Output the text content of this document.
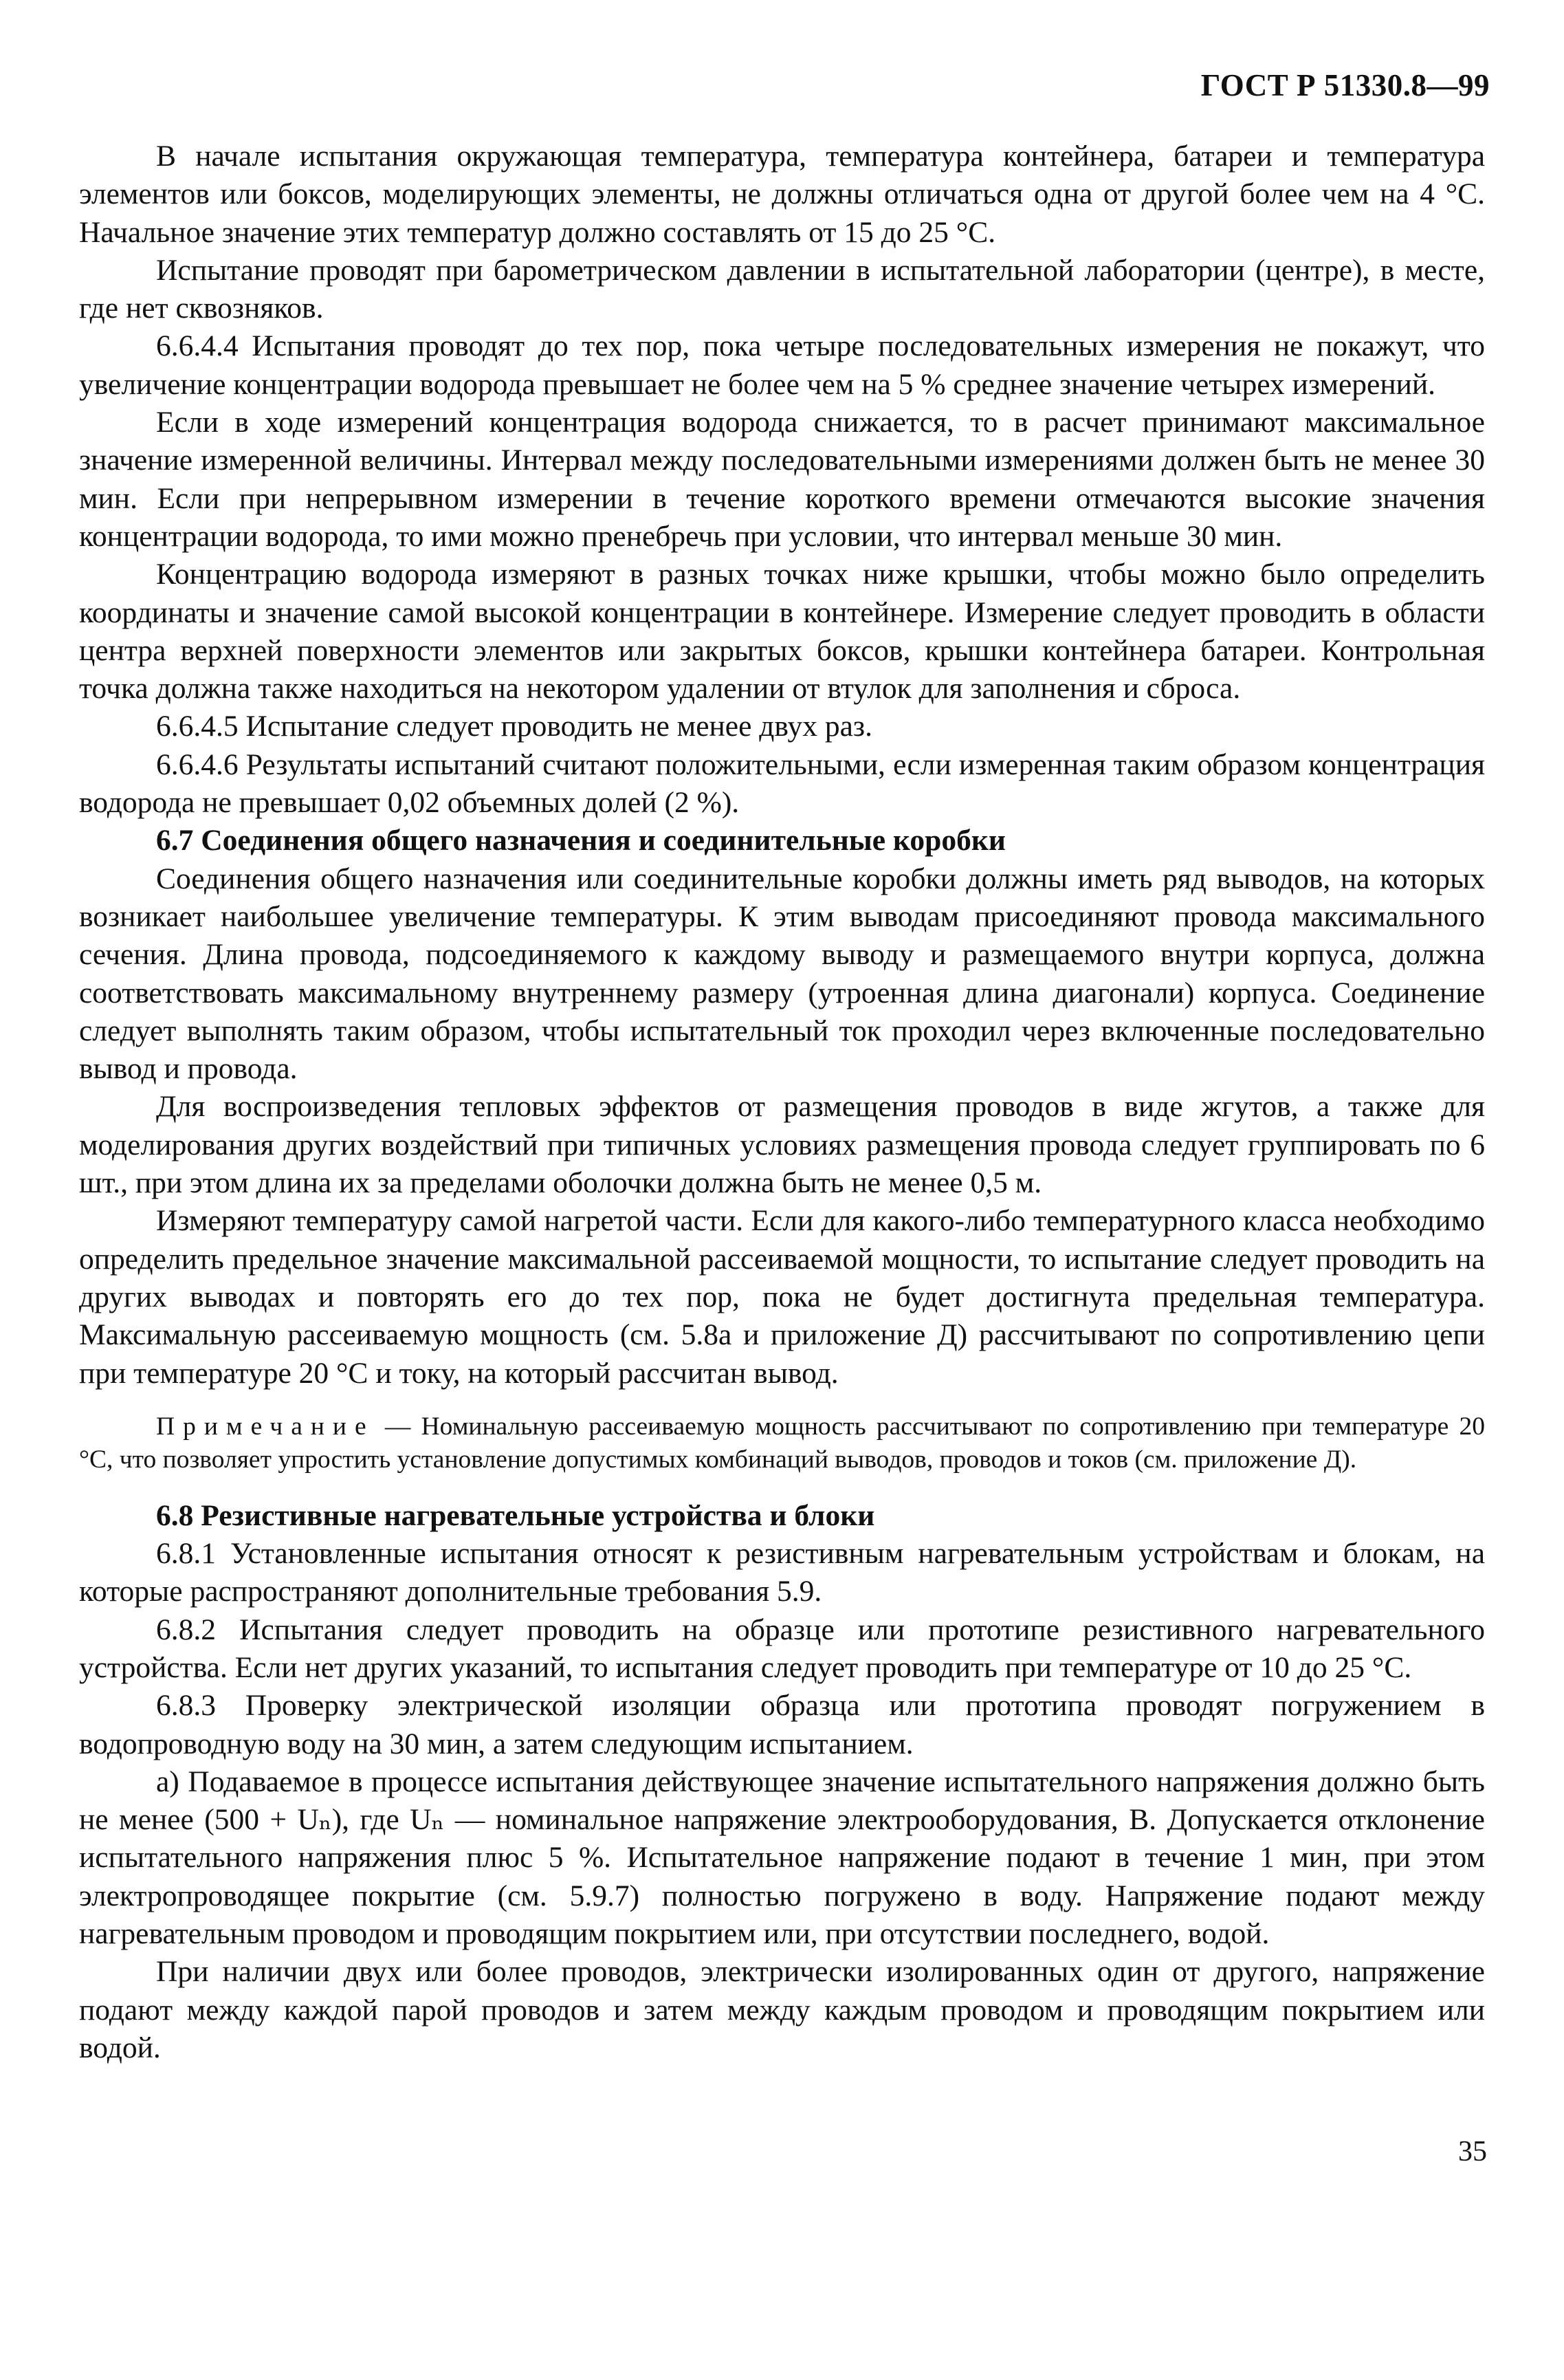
ГОСТ Р 51330.8—99

В начале испытания окружающая температура, температура контейнера, батареи и температура элементов или боксов, моделирующих элементы, не должны отличаться одна от другой более чем на 4 °С. Начальное значение этих температур должно составлять от 15 до 25 °С.

Испытание проводят при барометрическом давлении в испытательной лаборатории (центре), в месте, где нет сквозняков.

6.6.4.4 Испытания проводят до тех пор, пока четыре последовательных измерения не покажут, что увеличение концентрации водорода превышает не более чем на 5 % среднее значение четырех измерений.

Если в ходе измерений концентрация водорода снижается, то в расчет принимают максимальное значение измеренной величины. Интервал между последовательными измерениями должен быть не менее 30 мин. Если при непрерывном измерении в течение короткого времени отмечаются высокие значения концентрации водорода, то ими можно пренебречь при условии, что интервал меньше 30 мин.

Концентрацию водорода измеряют в разных точках ниже крышки, чтобы можно было определить координаты и значение самой высокой концентрации в контейнере. Измерение следует проводить в области центра верхней поверхности элементов или закрытых боксов, крышки контейнера батареи. Контрольная точка должна также находиться на некотором удалении от втулок для заполнения и сброса.

6.6.4.5 Испытание следует проводить не менее двух раз.

6.6.4.6 Результаты испытаний считают положительными, если измеренная таким образом концентрация водорода не превышает 0,02 объемных долей (2 %).

6.7 Соединения общего назначения и соединительные коробки

Соединения общего назначения или соединительные коробки должны иметь ряд выводов, на которых возникает наибольшее увеличение температуры. К этим выводам присоединяют провода максимального сечения. Длина провода, подсоединяемого к каждому выводу и размещаемого внутри корпуса, должна соответствовать максимальному внутреннему размеру (утроенная длина диагонали) корпуса. Соединение следует выполнять таким образом, чтобы испытательный ток проходил через включенные последовательно вывод и провода.

Для воспроизведения тепловых эффектов от размещения проводов в виде жгутов, а также для моделирования других воздействий при типичных условиях размещения провода следует группировать по 6 шт., при этом длина их за пределами оболочки должна быть не менее 0,5 м.

Измеряют температуру самой нагретой части. Если для какого-либо температурного класса необходимо определить предельное значение максимальной рассеиваемой мощности, то испытание следует проводить на других выводах и повторять его до тех пор, пока не будет достигнута предельная температура. Максимальную рассеиваемую мощность (см. 5.8а и приложение Д) рассчитывают по сопротивлению цепи при температуре 20 °С и току, на который рассчитан вывод.

Примечание — Номинальную рассеиваемую мощность рассчитывают по сопротивлению при температуре 20 °С, что позволяет упростить установление допустимых комбинаций выводов, проводов и токов (см. приложение Д).
6.8 Резистивные нагревательные устройства и блоки

6.8.1 Установленные испытания относят к резистивным нагревательным устройствам и блокам, на которые распространяют дополнительные требования 5.9.

6.8.2 Испытания следует проводить на образце или прототипе резистивного нагревательного устройства. Если нет других указаний, то испытания следует проводить при температуре от 10 до 25 °С.

6.8.3 Проверку электрической изоляции образца или прототипа проводят погружением в водопроводную воду на 30 мин, а затем следующим испытанием.

а) Подаваемое в процессе испытания действующее значение испытательного напряжения должно быть не менее (500 + Uₙ), где Uₙ — номинальное напряжение электрооборудования, В. Допускается отклонение испытательного напряжения плюс 5 %. Испытательное напряжение подают в течение 1 мин, при этом электропроводящее покрытие (см. 5.9.7) полностью погружено в воду. Напряжение подают между нагревательным проводом и проводящим покрытием или, при отсутствии последнего, водой.

При наличии двух или более проводов, электрически изолированных один от другого, напряжение подают между каждой парой проводов и затем между каждым проводом и проводящим покрытием или водой.

35
